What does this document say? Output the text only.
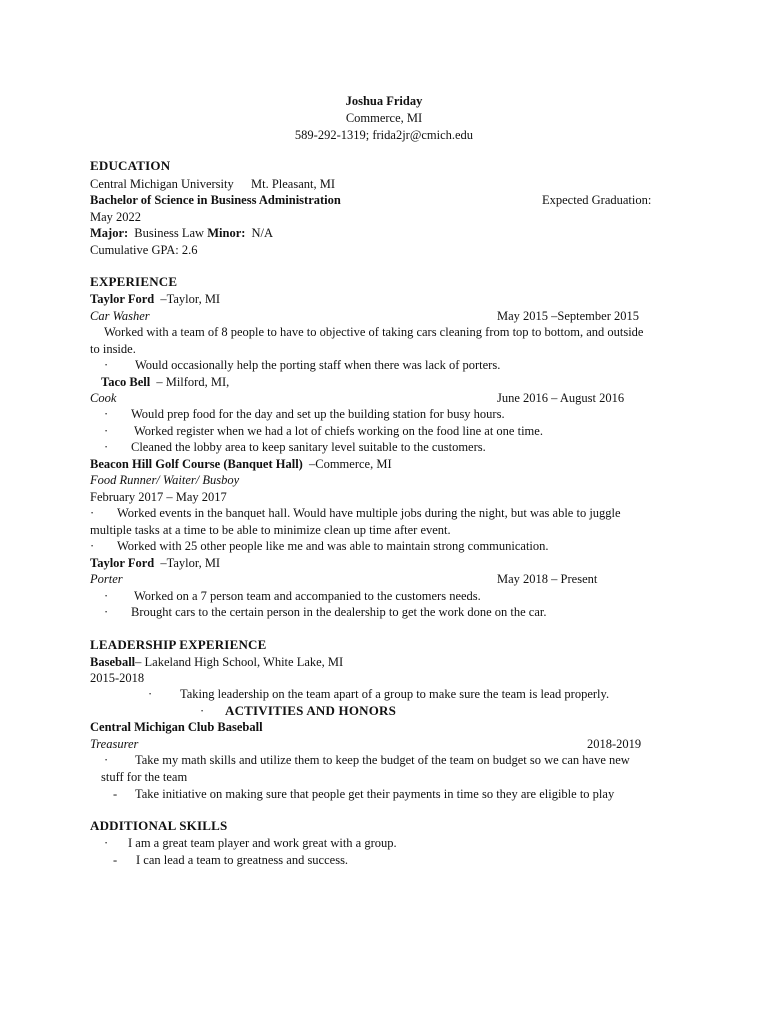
Joshua Friday
Commerce, MI
589-292-1319; frida2jr@cmich.edu
EDUCATION
Central Michigan University Mt. Pleasant, MI
Bachelor of Science in Business Administration	Expected Graduation:
May 2022
Major: Business Law Minor: N/A
Cumulative GPA: 2.6
EXPERIENCE
Taylor Ford –Taylor, MI
Car Washer	May 2015 –September 2015
Worked with a team of 8 people to have to objective of taking cars cleaning from top to bottom, and outside
to inside.
· Would occasionally help the porting staff when there was lack of porters.
Taco Bell – Milford, MI,
Cook	June 2016 – August 2016
· Would prep food for the day and set up the building station for busy hours.
· Worked register when we had a lot of chiefs working on the food line at one time.
· Cleaned the lobby area to keep sanitary level suitable to the customers.
Beacon Hill Golf Course (Banquet Hall) –Commerce, MI
Food Runner/ Waiter/ Busboy
February 2017 – May 2017
· Worked events in the banquet hall. Would have multiple jobs during the night, but was able to juggle
multiple tasks at a time to be able to minimize clean up time after event.
· Worked with 25 other people like me and was able to maintain strong communication.
Taylor Ford –Taylor, MI
Porter	May 2018 – Present
· Worked on a 7 person team and accompanied to the customers needs.
· Brought cars to the certain person in the dealership to get the work done on the car.
LEADERSHIP EXPERIENCE
Baseball– Lakeland High School, White Lake, MI
2015-2018
· Taking leadership on the team apart of a group to make sure the team is lead properly.
· ACTIVITIES AND HONORS
Central Michigan Club Baseball
Treasurer	2018-2019
· Take my math skills and utilize them to keep the budget of the team on budget so we can have new
stuff for the team
- Take initiative on making sure that people get their payments in time so they are eligible to play
ADDITIONAL SKILLS
· I am a great team player and work great with a group.
- I can lead a team to greatness and success.
